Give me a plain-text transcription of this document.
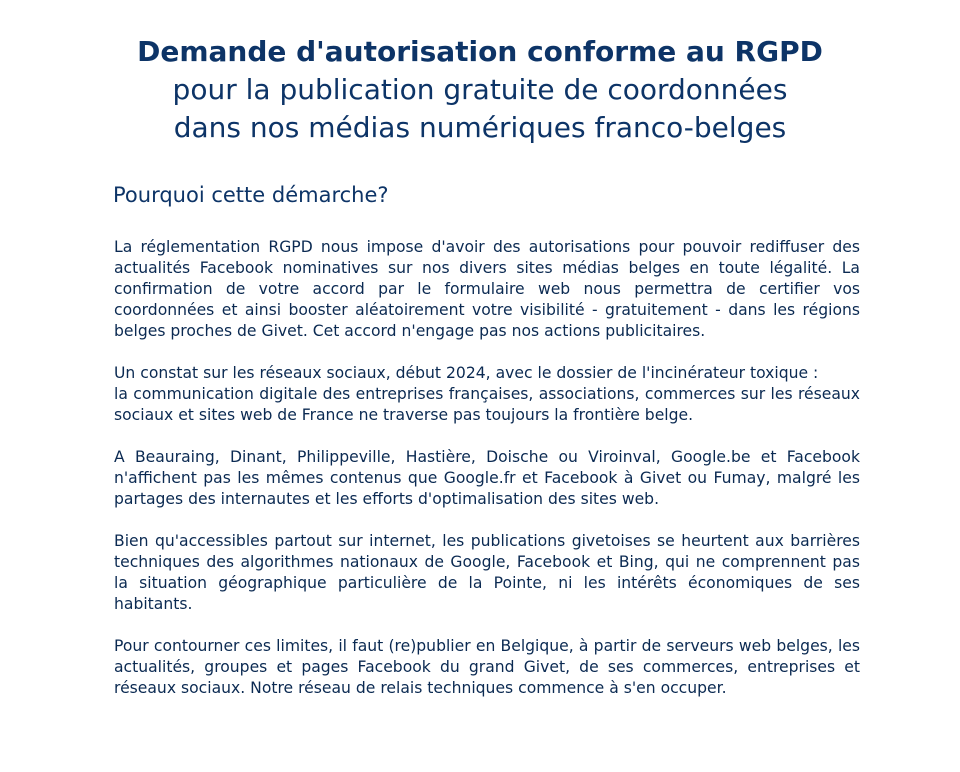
Demande d'autorisation conforme au RGPD
pour la publication gratuite de coordonnées
dans nos médias numériques franco-belges
Pourquoi cette démarche?

La réglementation RGPD nous impose d'avoir des autorisations pour pouvoir rediffuser des actualités Facebook nominatives sur nos divers sites médias belges en toute légalité. La confirmation de votre accord par le formulaire web nous permettra de certifier vos coordonnées et ainsi booster aléatoirement votre visibilité - gratuitement - dans les régions belges proches de Givet. Cet accord n'engage pas nos actions publicitaires.

Un constat sur les réseaux sociaux, début 2024, avec le dossier de l'incinérateur toxique :
la communication digitale des entreprises françaises, associations, commerces sur les réseaux sociaux et sites web de France ne traverse pas toujours la frontière belge.

A Beauraing, Dinant, Philippeville, Hastière, Doische ou Viroinval, Google.be et Facebook n'affichent pas les mêmes contenus que Google.fr et Facebook à Givet ou Fumay, malgré les partages des internautes et les efforts d'optimalisation des sites web.

Bien qu'accessibles partout sur internet, les publications givetoises se heurtent aux barrières techniques des algorithmes nationaux de Google, Facebook et Bing, qui ne comprennent pas la situation géographique particulière de la Pointe, ni les intérêts économiques de ses habitants.

Pour contourner ces limites, il faut (re)publier en Belgique, à partir de serveurs web belges, les actualités, groupes et pages Facebook du grand Givet, de ses commerces, entreprises et réseaux sociaux. Notre réseau de relais techniques commence à s'en occuper.
